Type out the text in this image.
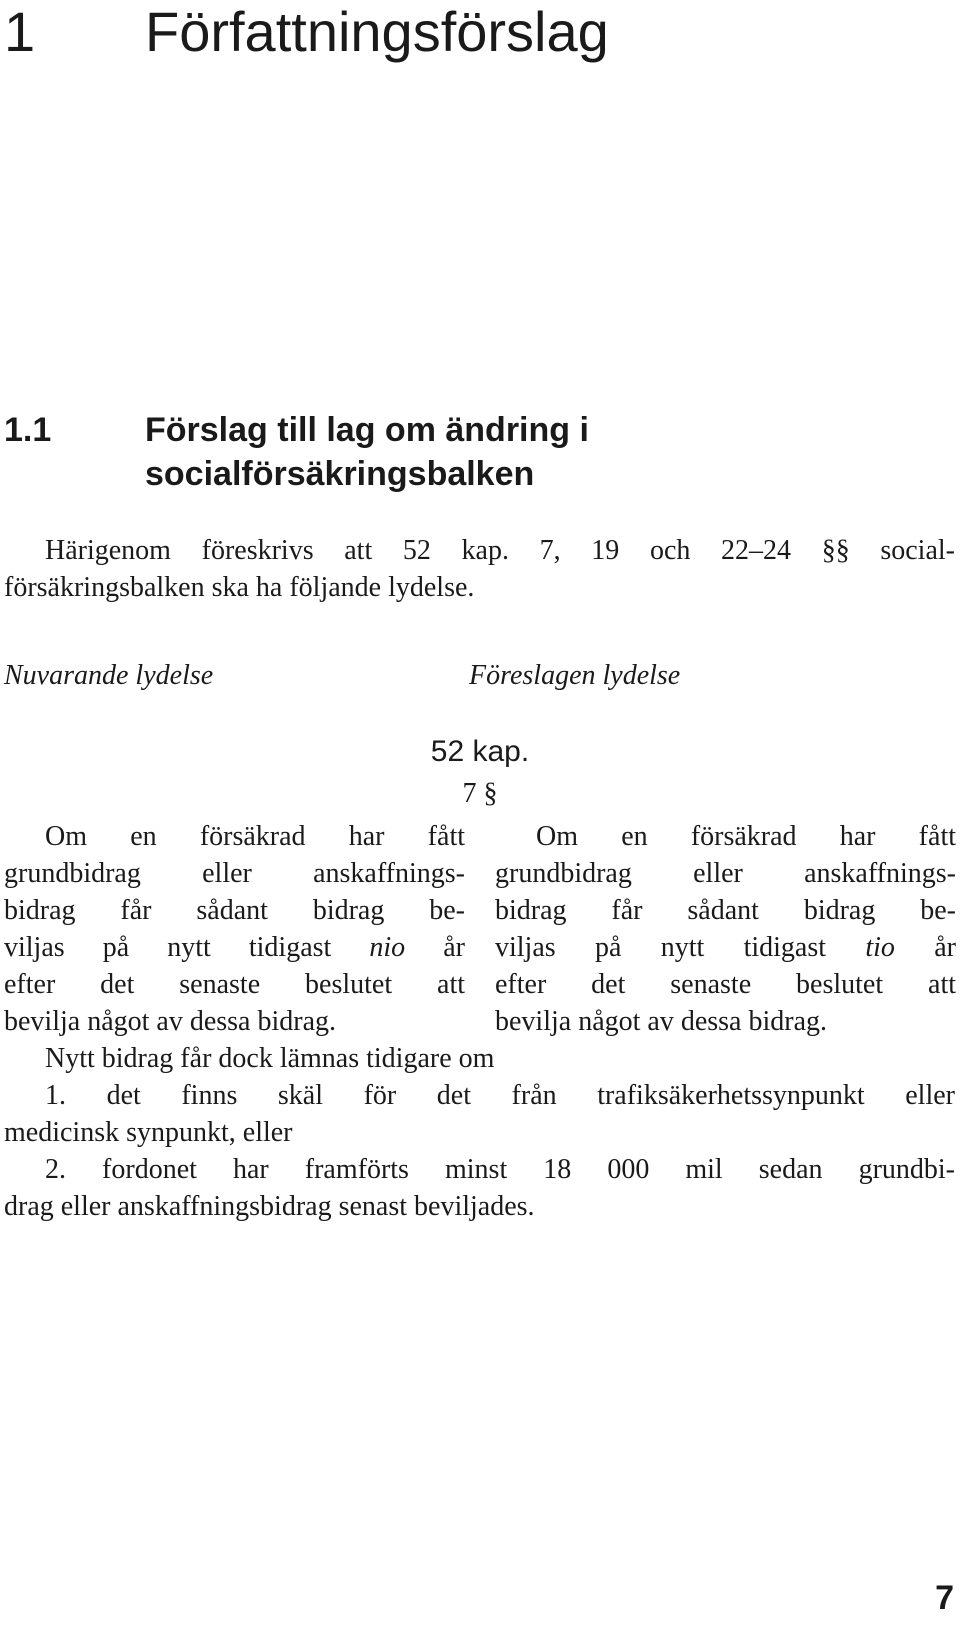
1 Författningsförslag
1.1	Förslag till lag om ändring i
socialförsäkringsbalken
Härigenom föreskrivs att 52 kap. 7, 19 och 22–24 §§ social-
försäkringsbalken ska ha följande lydelse.
Nuvarande lydelse	Föreslagen lydelse
52 kap.
7 §
Om en försäkrad har fått
grundbidrag eller anskaffnings-
bidrag får sådant bidrag be-
viljas på nytt tidigast nio år
efter det senaste beslutet att
bevilja något av dessa bidrag.
Om en försäkrad har fått
grundbidrag eller anskaffnings-
bidrag får sådant bidrag be-
viljas på nytt tidigast tio år
efter det senaste beslutet att
bevilja något av dessa bidrag.
Nytt bidrag får dock lämnas tidigare om
1. det finns skäl för det från trafiksäkerhetssynpunkt eller
medicinsk synpunkt, eller
2. fordonet har framförts minst 18 000 mil sedan grundbi-
drag eller anskaffningsbidrag senast beviljades.
7
